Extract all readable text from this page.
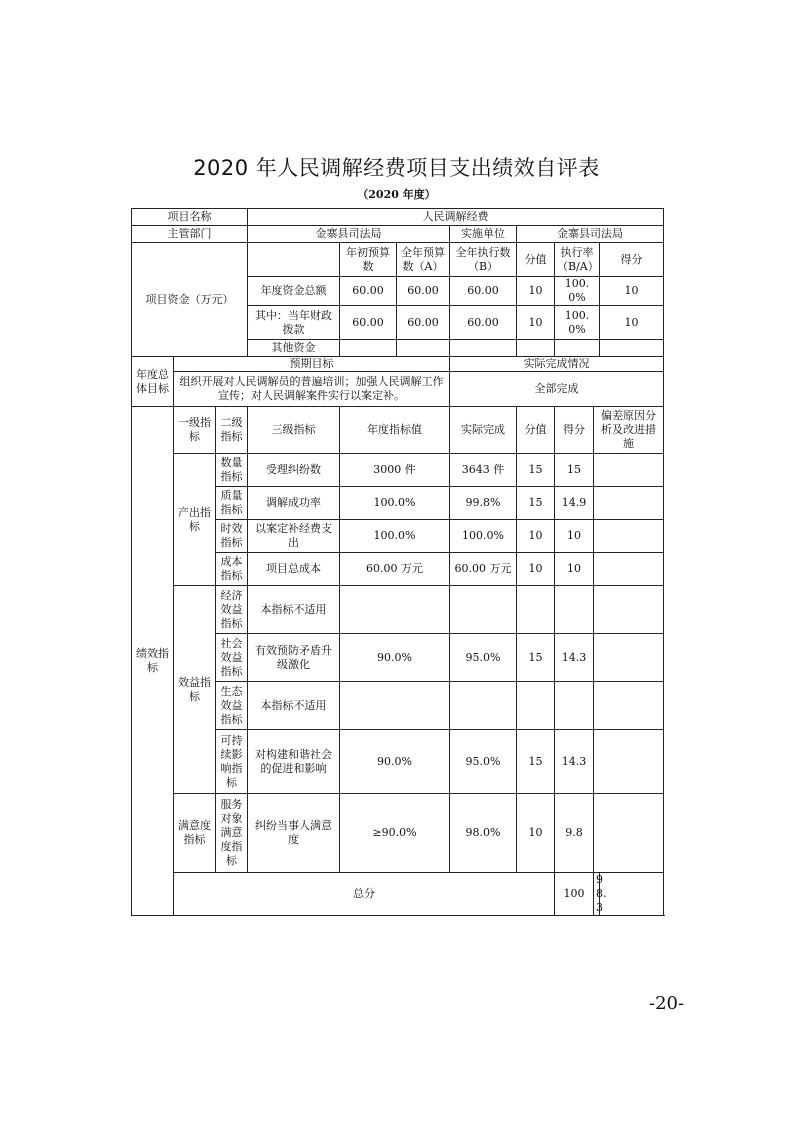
2020 年人民调解经费项目支出绩效自评表
（2020 年度）
项目名称			人民调解经费							
主管部门			金寨县司法局			实施单位	金寨县司法局			
项目资金（万元）				年初预算数	全年预算数（A）	全年执行数（B）	分值	执行率（B/A）		得分
			年度资金总额	60.00	60.00	60.00	10	100.0%		10
			其中：当年财政拨款	60.00	60.00	60.00	10	100.0%		10
			其他资金							
年度总体目标	预期目标					实际完成情况				
	组织开展对人民调解员的普遍培训；加强人民调解工作宣传；对人民调解案件实行以案定补。					全部完成				
绩效指标	一级指标	二级指标	三级指标	年度指标值		实际完成	分值	得分	偏差原因分析及改进措施	
	产出指标	数量指标	受理纠纷数	3000 件		3643 件	15	15		
		质量指标	调解成功率	100.0%		99.8%	15	14.9		
		时效指标	以案定补经费支出	100.0%		100.0%	10	10		
		成本指标	项目总成本	60.00 万元		60.00 万元	10	10		
	效益指标	经济效益指标	本指标不适用							
		社会效益指标	有效预防矛盾升级激化	90.0%		95.0%	15	14.3		
		生态效益指标	本指标不适用							
		可持续影响指标	对构建和谐社会的促进和影响	90.0%		95.0%	15	14.3		
	满意度指标	服务对象满意度指标	纠纷当事人满意度	≥90.0%		98.0%	10	9.8		
	总分							100	98.3	
-20-
